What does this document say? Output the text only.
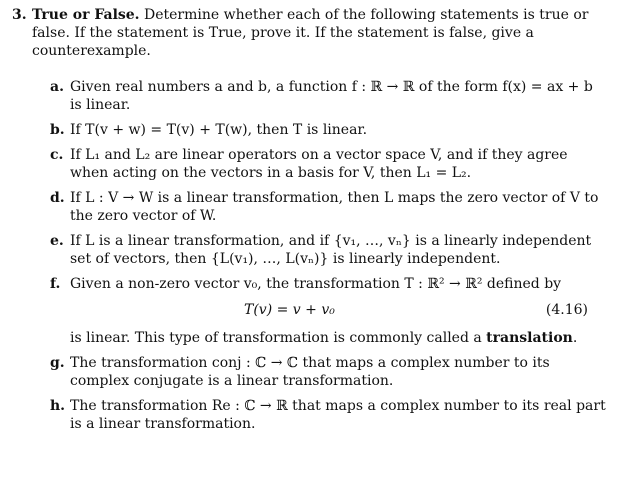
3. True or False. Determine whether each of the following statements is true or false. If the statement is True, prove it. If the statement is false, give a counterexample.
a. Given real numbers a and b, a function f : ℝ → ℝ of the form f(x) = ax + b is linear.
b. If T(v + w) = T(v) + T(w), then T is linear.
c. If L₁ and L₂ are linear operators on a vector space V, and if they agree when acting on the vectors in a basis for V, then L₁ = L₂.
d. If L : V → W is a linear transformation, then L maps the zero vector of V to the zero vector of W.
e. If L is a linear transformation, and if {v₁, …, vₙ} is a linearly independent set of vectors, then {L(v₁), …, L(vₙ)} is linearly independent.
f. Given a non-zero vector v₀, the transformation T : ℝ² → ℝ² defined by
T(v) = v + v₀	(4.16)
is linear. This type of transformation is commonly called a translation.
g. The transformation conj : ℂ → ℂ that maps a complex number to its complex conjugate is a linear transformation.
h. The transformation Re : ℂ → ℝ that maps a complex number to its real part is a linear transformation.
